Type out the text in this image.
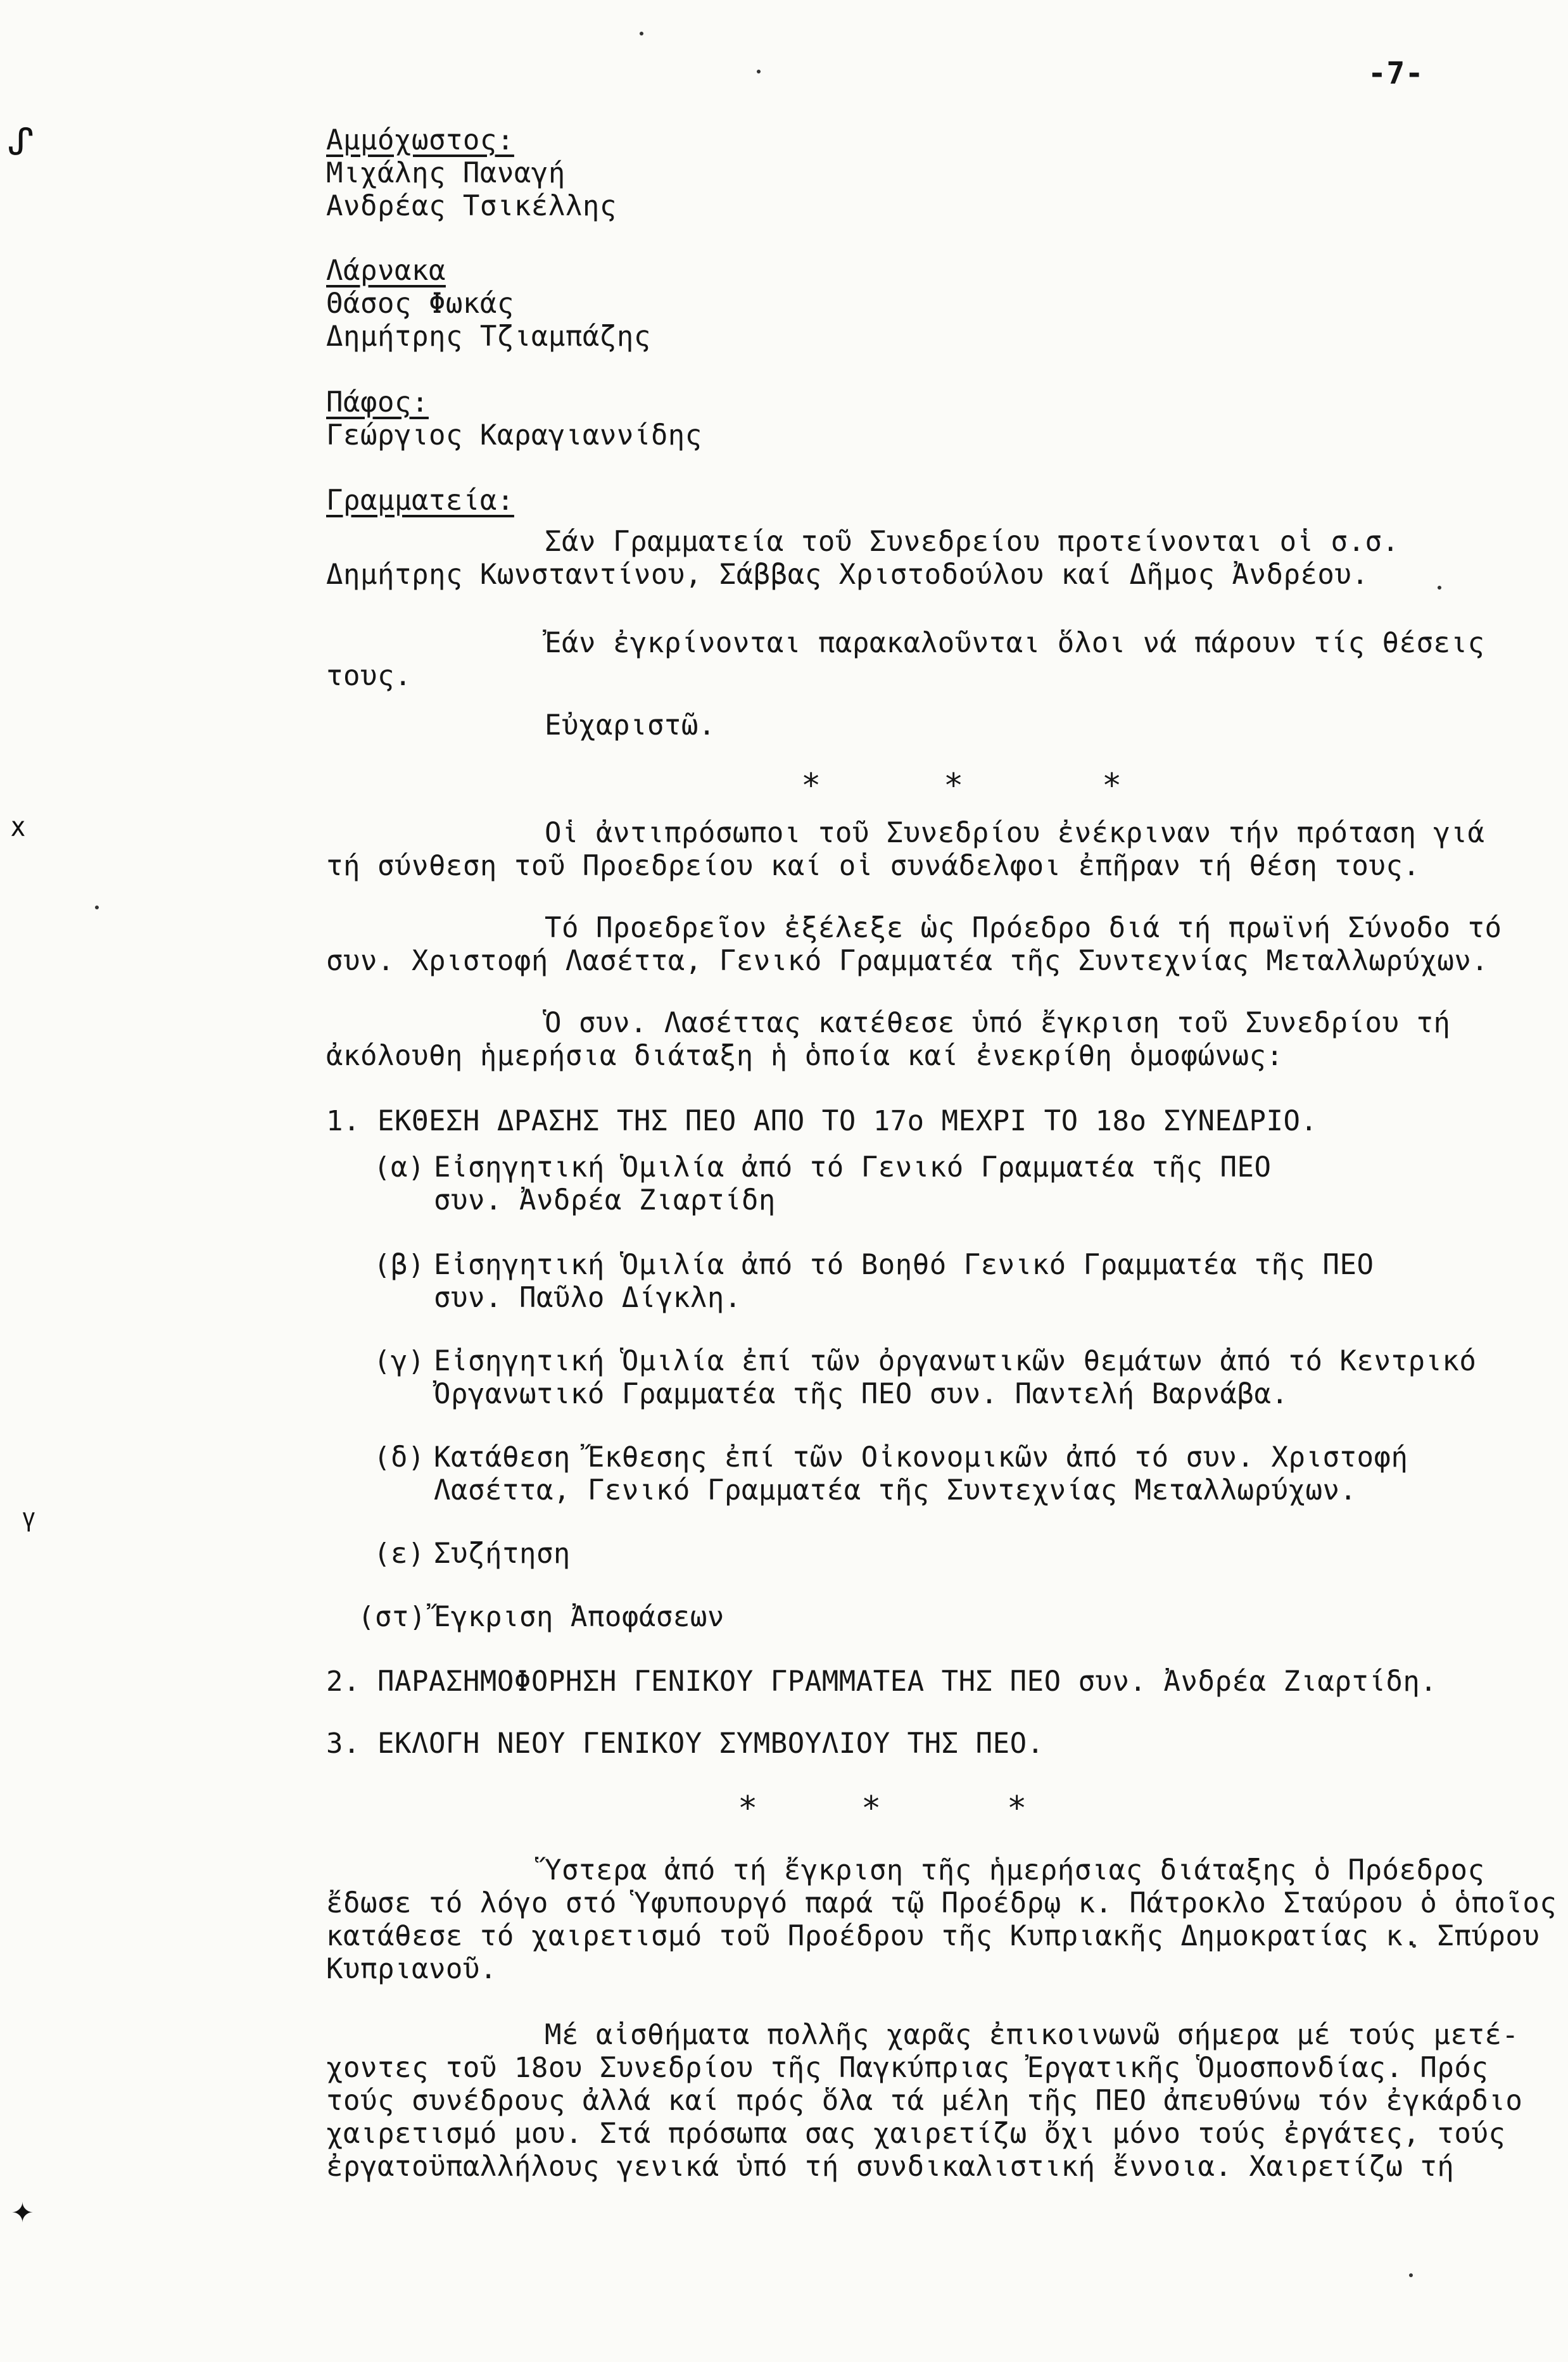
-7-
ᔑ
ᕁ
ᵞ
✦
Αμμόχωστος:
Μιχάλης Παναγή
Ανδρέας Τσικέλλης
Λάρνακα
Θάσος Φωκάς
Δημήτρης Τζιαμπάζης
Πάφος:
Γεώργιος Καραγιαννίδης
Γραμματεία:
Σάν Γραμματεία τοῦ Συνεδρείου προτείνονται οἱ σ.σ.
Δημήτρης Κωνσταντίνου, Σάββας Χριστοδούλου καί Δῆμος Ἀνδρέου.
Ἐάν ἐγκρίνονται παρακαλοῦνται ὅλοι νά πάρουν τίς θέσεις
τους.
Εὐχαριστῶ.
*	*	*
Οἱ ἀντιπρόσωποι τοῦ Συνεδρίου ἐνέκριναν τήν πρόταση γιά
τή σύνθεση τοῦ Προεδρείου καί οἱ συνάδελφοι ἐπῆραν τή θέση τους.
Τό Προεδρεῖον ἐξέλεξε ὡς Πρόεδρο διά τή πρωϊνή Σύνοδο τό
συν. Χριστοφή Λασέττα, Γενικό Γραμματέα τῆς Συντεχνίας Μεταλλωρύχων.
Ὁ συν. Λασέττας κατέθεσε ὑπό ἔγκριση τοῦ Συνεδρίου τή
ἀκόλουθη ἡμερήσια διάταξη ἡ ὁποία καί ἐνεκρίθη ὁμοφώνως:
1. ΕΚΘΕΣΗ ΔΡΑΣΗΣ ΤΗΣ ΠΕΟ ΑΠΟ ΤΟ 17ο ΜΕΧΡΙ ΤΟ 18ο ΣΥΝΕΔΡΙΟ.
(α) Εἰσηγητική Ὁμιλία ἀπό τό Γενικό Γραμματέα τῆς ΠΕΟ
συν. Ἀνδρέα Ζιαρτίδη
(β) Εἰσηγητική Ὁμιλία ἀπό τό Βοηθό Γενικό Γραμματέα τῆς ΠΕΟ
συν. Παῦλο Δίγκλη.
(γ) Εἰσηγητική Ὁμιλία ἐπί τῶν ὀργανωτικῶν θεμάτων ἀπό τό Κεντρικό
Ὀργανωτικό Γραμματέα τῆς ΠΕΟ συν. Παντελή Βαρνάβα.
(δ) Κατάθεση Ἔκθεσης ἐπί τῶν Οἰκονομικῶν ἀπό τό συν. Χριστοφή
Λασέττα, Γενικό Γραμματέα τῆς Συντεχνίας Μεταλλωρύχων.
(ε) Συζήτηση
(στ) Ἔγκριση Ἀποφάσεων
2. ΠΑΡΑΣΗΜΟΦΟΡΗΣΗ ΓΕΝΙΚΟΥ ΓΡΑΜΜΑΤΕΑ ΤΗΣ ΠΕΟ συν. Ἀνδρέα Ζιαρτίδη.
3. ΕΚΛΟΓΗ ΝΕΟΥ ΓΕΝΙΚΟΥ ΣΥΜΒΟΥΛΙΟΥ ΤΗΣ ΠΕΟ.
*	*	*
Ὕστερα ἀπό τή ἔγκριση τῆς ἡμερήσιας διάταξης ὁ Πρόεδρος
ἔδωσε τό λόγο στό Ὑφυπουργό παρά τῷ Προέδρῳ κ. Πάτροκλο Σταύρου ὁ ὁποῖος
κατάθεσε τό χαιρετισμό τοῦ Προέδρου τῆς Κυπριακῆς Δημοκρατίας κ. Σπύρου
Κυπριανοῦ.
Μέ αἰσθήματα πολλῆς χαρᾶς ἐπικοινωνῶ σήμερα μέ τούς μετέ-
χοντες τοῦ 18ου Συνεδρίου τῆς Παγκύπριας Ἐργατικῆς Ὁμοσπονδίας. Πρός
τούς συνέδρους ἀλλά καί πρός ὅλα τά μέλη τῆς ΠΕΟ ἀπευθύνω τόν ἐγκάρδιο
χαιρετισμό μου. Στά πρόσωπα σας χαιρετίζω ὄχι μόνο τούς ἐργάτες, τούς
ἐργατοϋπαλλήλους γενικά ὑπό τή συνδικαλιστική ἔννοια. Χαιρετίζω τή
